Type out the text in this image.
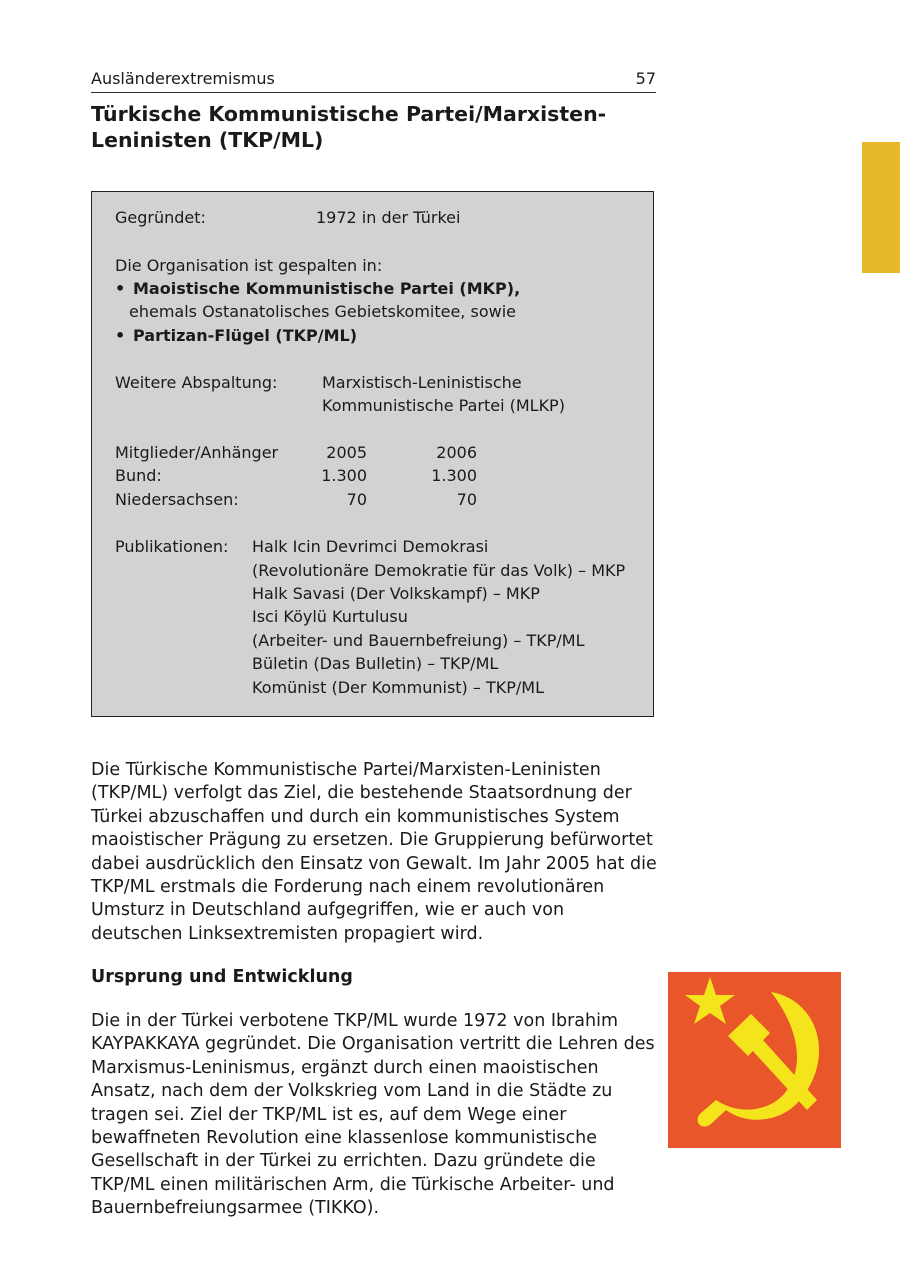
Ausländerextremismus	57
Türkische Kommunistische Partei/Marxisten-Leninisten (TKP/ML)
Gegründet:	1972 in der Türkei
Die Organisation ist gespalten in:
• Maoistische Kommunistische Partei (MKP),
ehemals Ostanatolisches Gebietskomitee, sowie
• Partizan-Flügel (TKP/ML)
Weitere Abspaltung:	Marxistisch-Leninistische
Kommunistische Partei (MLKP)
Mitglieder/Anhänger	2005	2006
Bund:	1.300	1.300
Niedersachsen:	70	70
Publikationen: Halk Icin Devrimci Demokrasi
(Revolutionäre Demokratie für das Volk) – MKP
Halk Savasi (Der Volkskampf) – MKP
Isci Köylü Kurtulusu
(Arbeiter- und Bauernbefreiung) – TKP/ML
Bületin (Das Bulletin) – TKP/ML
Komünist (Der Kommunist) – TKP/ML

Die Türkische Kommunistische Partei/Marxisten-Leninisten (TKP/ML) verfolgt das Ziel, die bestehende Staatsordnung der Türkei abzuschaffen und durch ein kommunistisches System maoistischer Prägung zu ersetzen. Die Gruppierung befürwortet dabei ausdrücklich den Einsatz von Gewalt. Im Jahr 2005 hat die TKP/ML erstmals die Forderung nach einem revolutionären Umsturz in Deutschland aufgegriffen, wie er auch von deutschen Linksextremisten propagiert wird.

Ursprung und Entwicklung

Die in der Türkei verbotene TKP/ML wurde 1972 von Ibrahim KAYPAKKAYA gegründet. Die Organisation vertritt die Lehren des Marxismus-Leninismus, ergänzt durch einen maoistischen Ansatz, nach dem der Volkskrieg vom Land in die Städte zu tragen sei. Ziel der TKP/ML ist es, auf dem Wege einer bewaffneten Revolution eine klassenlose kommunistische Gesellschaft in der Türkei zu errichten. Dazu gründete die TKP/ML einen militärischen Arm, die Türkische Arbeiter- und Bauernbefreiungsarmee (TIKKO).
